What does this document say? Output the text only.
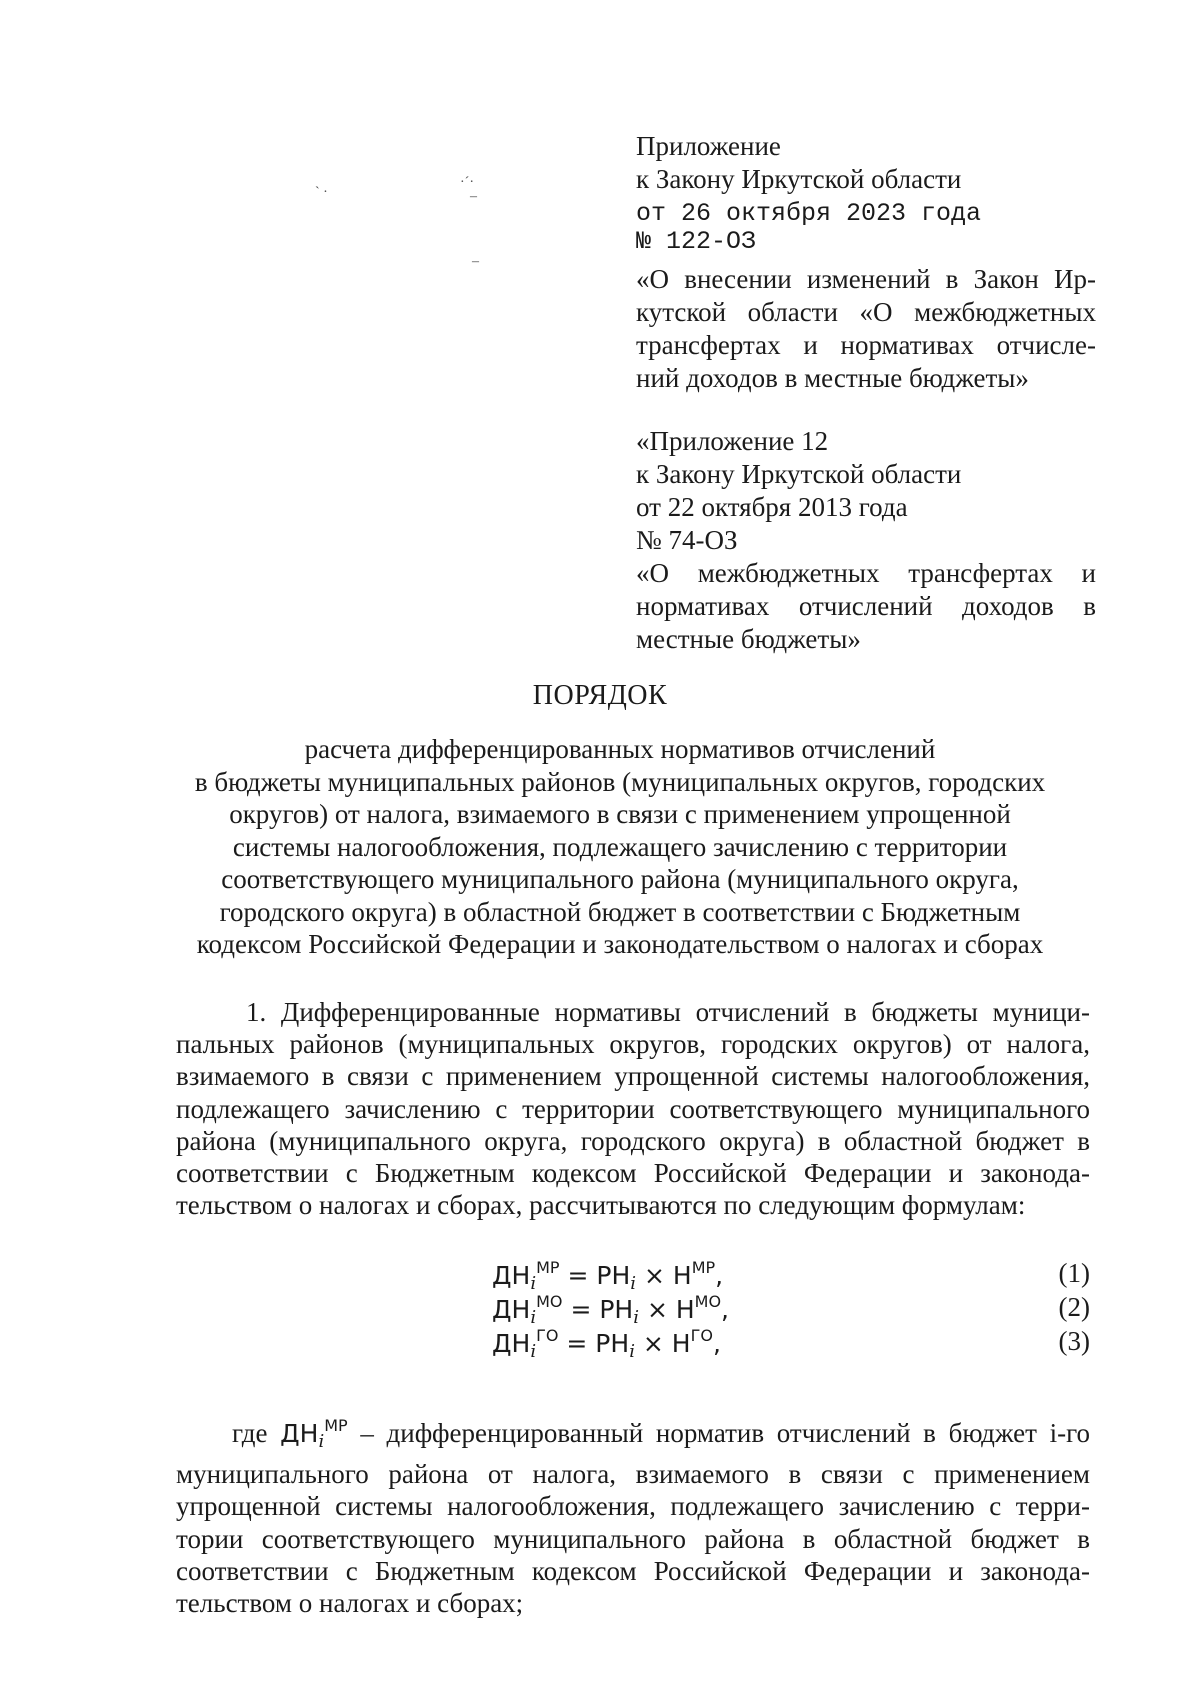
ˋ ·
·ˊ·
‒
‒
Приложение
к Закону Иркутской области
от 26 октября 2023 года
№ 122-ОЗ
«О внесении изменений в Закон Ир-
кутской области «О межбюджетных
трансфертах и нормативах отчисле-
ний доходов в местные бюджеты»
«Приложение 12
к Закону Иркутской области
от 22 октября 2013 года
№ 74-ОЗ
«О межбюджетных трансфертах и
нормативах отчислений доходов в
местные бюджеты»
ПОРЯДОК
расчета дифференцированных нормативов отчислений
в бюджеты муниципальных районов (муниципальных округов, городских
округов) от налога, взимаемого в связи с применением упрощенной
системы налогообложения, подлежащего зачислению с территории
соответствующего муниципального района (муниципального округа,
городского округа) в областной бюджет в соответствии с Бюджетным
кодексом Российской Федерации и законодательством о налогах и сборах
1. Дифференцированные нормативы отчислений в бюджеты муници-
пальных районов (муниципальных округов, городских округов) от налога,
взимаемого в связи с применением упрощенной системы налогообложения,
подлежащего зачислению с территории соответствующего муниципального
района (муниципального округа, городского округа) в областной бюджет в
соответствии с Бюджетным кодексом Российской Федерации и законода-
тельством о налогах и сборах, рассчитываются по следующим формулам:
$ДН_i^{МР} = РН_i \times Н^{МР}$,	(1)
$ДН_i^{МО} = РН_i \times Н^{МО}$,	(2)
$ДН_i^{ГО} = РН_i \times Н^{ГО}$,	(3)
где $ДН_i^{МР}$ – дифференцированный норматив отчислений в бюджет i-го
муниципального района от налога, взимаемого в связи с применением
упрощенной системы налогообложения, подлежащего зачислению с терри-
тории соответствующего муниципального района в областной бюджет в
соответствии с Бюджетным кодексом Российской Федерации и законода-
тельством о налогах и сборах;
